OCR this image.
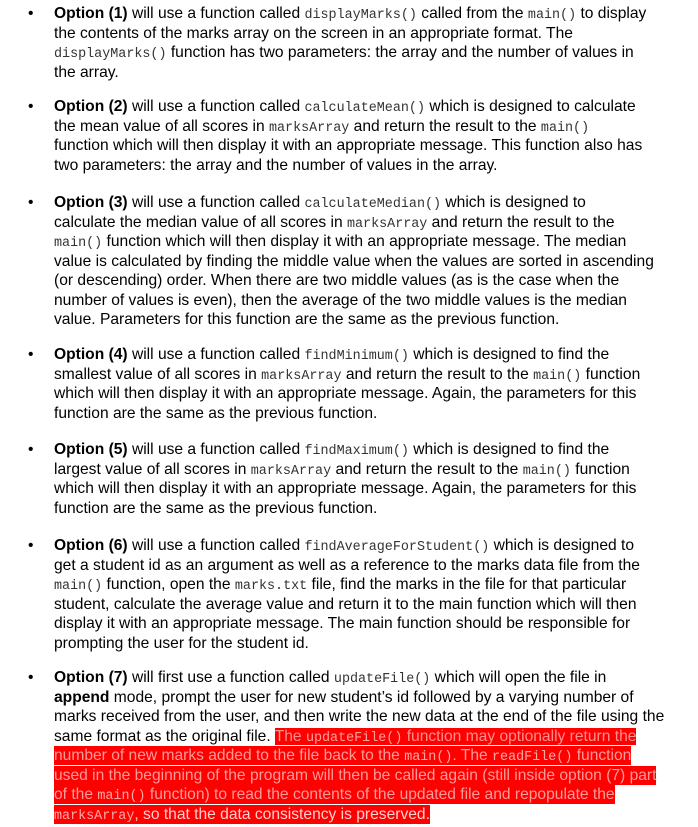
• Option (1) will use a function called displayMarks() called from the main() to display
the contents of the marks array on the screen in an appropriate format. The
displayMarks() function has two parameters: the array and the number of values in
the array.
• Option (2) will use a function called calculateMean() which is designed to calculate
the mean value of all scores in marksArray and return the result to the main()
function which will then display it with an appropriate message. This function also has
two parameters: the array and the number of values in the array.
• Option (3) will use a function called calculateMedian() which is designed to
calculate the median value of all scores in marksArray and return the result to the
main() function which will then display it with an appropriate message. The median
value is calculated by finding the middle value when the values are sorted in ascending
(or descending) order. When there are two middle values (as is the case when the
number of values is even), then the average of the two middle values is the median
value. Parameters for this function are the same as the previous function.
• Option (4) will use a function called findMinimum() which is designed to find the
smallest value of all scores in marksArray and return the result to the main() function
which will then display it with an appropriate message. Again, the parameters for this
function are the same as the previous function.
• Option (5) will use a function called findMaximum() which is designed to find the
largest value of all scores in marksArray and return the result to the main() function
which will then display it with an appropriate message. Again, the parameters for this
function are the same as the previous function.
• Option (6) will use a function called findAverageForStudent() which is designed to
get a student id as an argument as well as a reference to the marks data file from the
main() function, open the marks.txt file, find the marks in the file for that particular
student, calculate the average value and return it to the main function which will then
display it with an appropriate message. The main function should be responsible for
prompting the user for the student id.
• Option (7) will first use a function called updateFile() which will open the file in
append mode, prompt the user for new student’s id followed by a varying number of
marks received from the user, and then write the new data at the end of the file using the
same format as the original file. The updateFile() function may optionally return the
number of new marks added to the file back to the main(). The readFile() function
used in the beginning of the program will then be called again (still inside option (7) part
of the main() function) to read the contents of the updated file and repopulate the
marksArray, so that the data consistency is preserved.
